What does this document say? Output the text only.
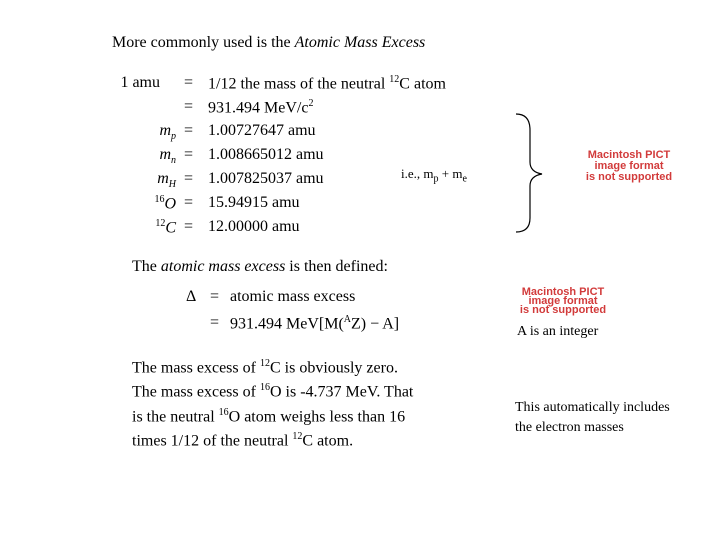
More commonly used is the Atomic Mass Excess
1 amu = 1/12 the mass of the neutral $^{12}$C atom
= 931.494 MeV/$c^2$
$m_p = 1.00727647$ amu
$m_n = 1.008665012$ amu
$m_H = 1.007825037$ amu
$^{16}$O = 15.94915 amu
$^{12}$C = 12.00000 amu
i.e., $m_p + m_e$
Macintosh PICT
image format
is not supported
The atomic mass excess is then defined:
Δ = atomic mass excess
= 931.494 MeV[M($^A$Z) − A]
Macintosh PICT
image format
is not supported
A is an integer
The mass excess of $^{12}$C is obviously zero.
The mass excess of $^{16}$O is -4.737 MeV. That
is the neutral $^{16}$O atom weighs less than 16
times 1/12 of the neutral $^{12}$C atom.
This automatically includes
the electron masses
